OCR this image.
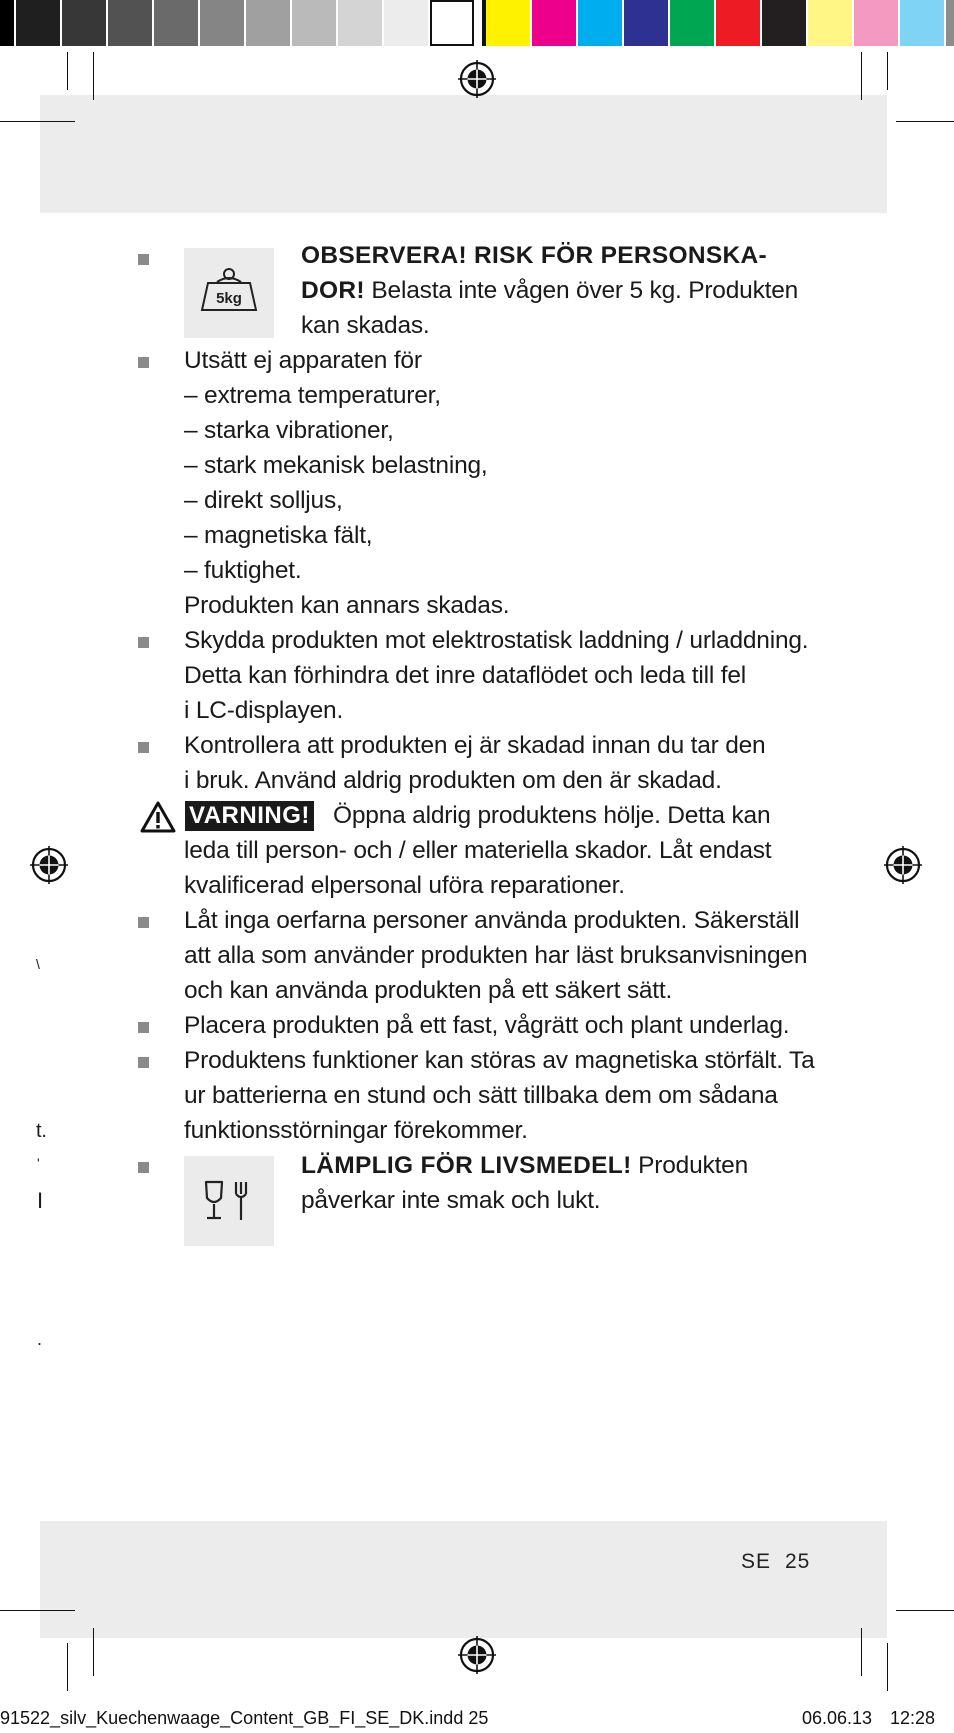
\
t.
'
I
.
5kg
OBSERVERA! RISK FÖR PERSONSKA-
DOR! Belasta inte vågen över 5 kg. Produkten
kan skadas.
Utsätt ej apparaten för
– extrema temperaturer,
– starka vibrationer,
– stark mekanisk belastning,
– direkt solljus,
– magnetiska fält,
– fuktighet.
Produkten kan annars skadas.
Skydda produkten mot elektrostatisk laddning / urladdning.
Detta kan förhindra det inre dataflödet och leda till fel
i LC-displayen.
Kontrollera att produkten ej är skadad innan du tar den
i bruk. Använd aldrig produkten om den är skadad.
VARNING! Öppna aldrig produktens hölje. Detta kan
leda till person- och / eller materiella skador. Låt endast
kvalificerad elpersonal uföra reparationer.
Låt inga oerfarna personer använda produkten. Säkerställ
att alla som använder produkten har läst bruksanvisningen
och kan använda produkten på ett säkert sätt.
Placera produkten på ett fast, vågrätt och plant underlag.
Produktens funktioner kan störas av magnetiska störfält. Ta
ur batterierna en stund och sätt tillbaka dem om sådana
funktionsstörningar förekommer.
LÄMPLIG FÖR LIVSMEDEL! Produkten
påverkar inte smak och lukt.
SE 25
91522_silv_Kuechenwaage_Content_GB_FI_SE_DK.indd 25	06.06.13 12:28
